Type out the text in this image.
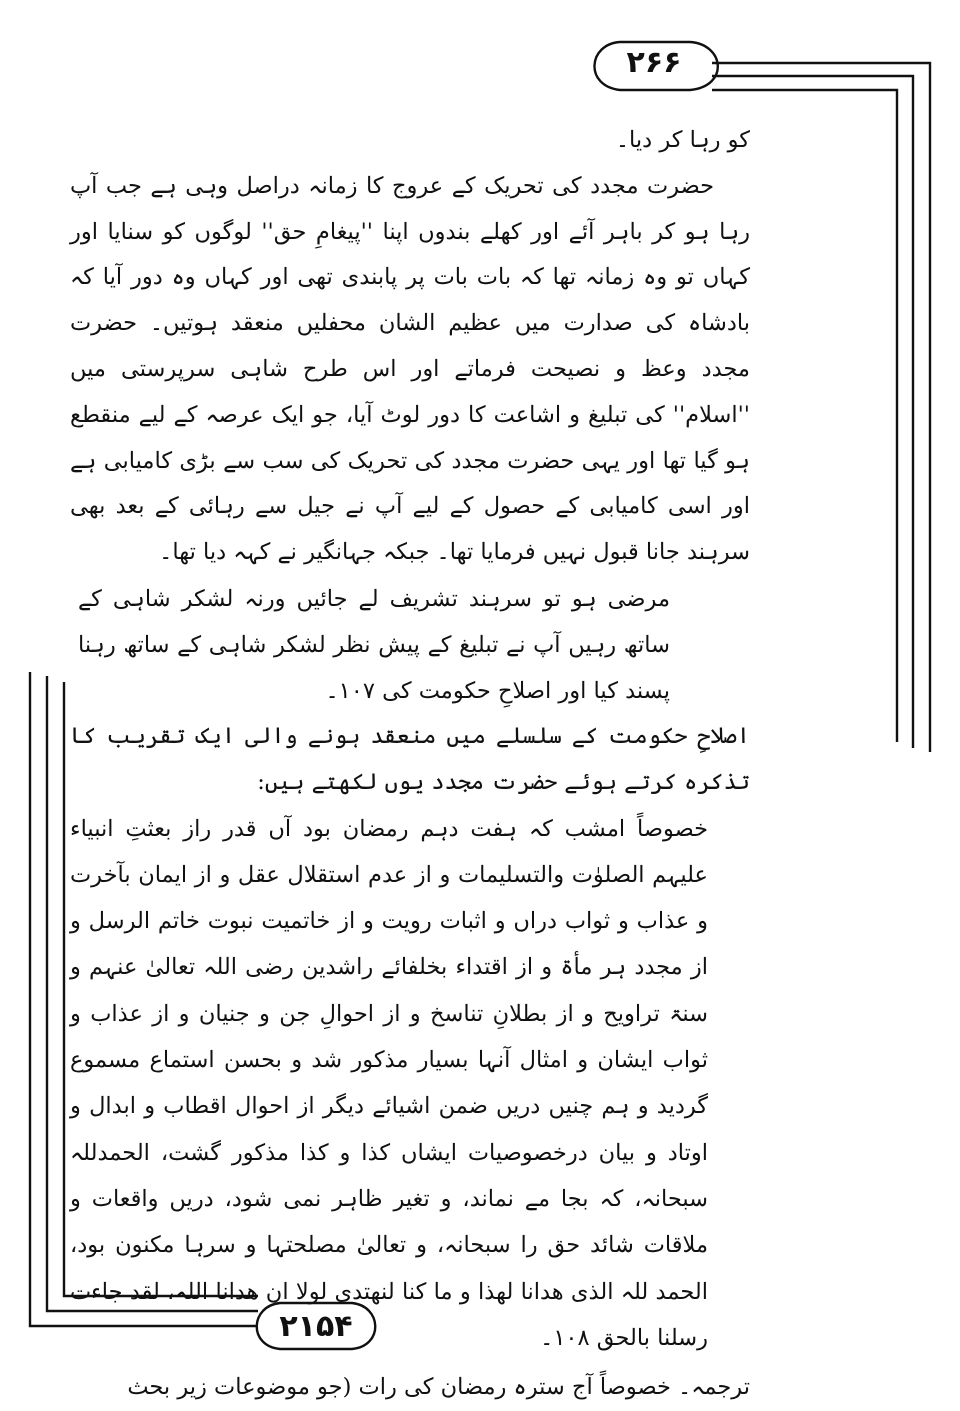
۲۶۶
۲۱۵۴

کو رہا کر دیا۔

حضرت مجدد کی تحریک کے عروج کا زمانہ دراصل وہی ہے جب آپ رہا ہو کر باہر آئے اور کھلے بندوں اپنا ''پیغامِ حق'' لوگوں کو سنایا اور کہاں تو وہ زمانہ تھا کہ بات بات پر پابندی تھی اور کہاں وہ دور آیا کہ بادشاہ کی صدارت میں عظیم الشان محفلیں منعقد ہوتیں۔ حضرت مجدد وعظ و نصیحت فرماتے اور اس طرح شاہی سرپرستی میں ''اسلام'' کی تبلیغ و اشاعت کا دور لوٹ آیا، جو ایک عرصہ کے لیے منقطع ہو گیا تھا اور یہی حضرت مجدد کی تحریک کی سب سے بڑی کامیابی ہے اور اسی کامیابی کے حصول کے لیے آپ نے جیل سے رہائی کے بعد بھی سرہند جانا قبول نہیں فرمایا تھا۔ جبکہ جہانگیر نے کہہ دیا تھا۔

مرضی ہو تو سرہند تشریف لے جائیں ورنہ لشکر شاہی کے ساتھ رہیں آپ نے تبلیغ کے پیش نظر لشکر شاہی کے ساتھ رہنا پسند کیا اور اصلاحِ حکومت کی ۱۰۷۔

اصلاحِ حکومت کے سلسلے میں منعقد ہونے والی ایک تقریب کا تذکرہ کرتے ہوئے حضرت مجدد یوں لکھتے ہیں:

خصوصاً امشب کہ ہفت دہم رمضان بود آں قدر راز بعثتِ انبیاء علیہم الصلوٰت والتسلیمات و از عدم استقلال عقل و از ایمان بآخرت و عذاب و ثواب دراں و اثبات رویت و از خاتمیت نبوت خاتم الرسل و از مجدد ہر مأۃ و از اقتداء بخلفائے راشدین رضی اللہ تعالیٰ عنہم و سنۃ تراویح و از بطلانِ تناسخ و از احوالِ جن و جنیان و از عذاب و ثواب ایشان و امثال آنہا بسیار مذکور شد و بحسن استماع مسموع گردید و ہم چنیں دریں ضمن اشیائے دیگر از احوال اقطاب و ابدال و اوتاد و بیان درخصوصیات ایشاں کذا و کذا مذکور گشت، الحمدللہ سبحانہ، کہ بجا مے نماند، و تغیر ظاہر نمی شود، دریں واقعات و ملاقات شائد حق را سبحانہ، و تعالیٰ مصلحتہا و سرہا مکنون بود، الحمد للہ الذی ھدانا لھذا و ما کنا لنھتدی لولا ان ھدانا اللہ، لقد جاءت رسلنا بالحق ۱۰۸۔

ترجمہ۔ خصوصاً آج سترہ رمضان کی رات (جو موضوعات زیر بحث
